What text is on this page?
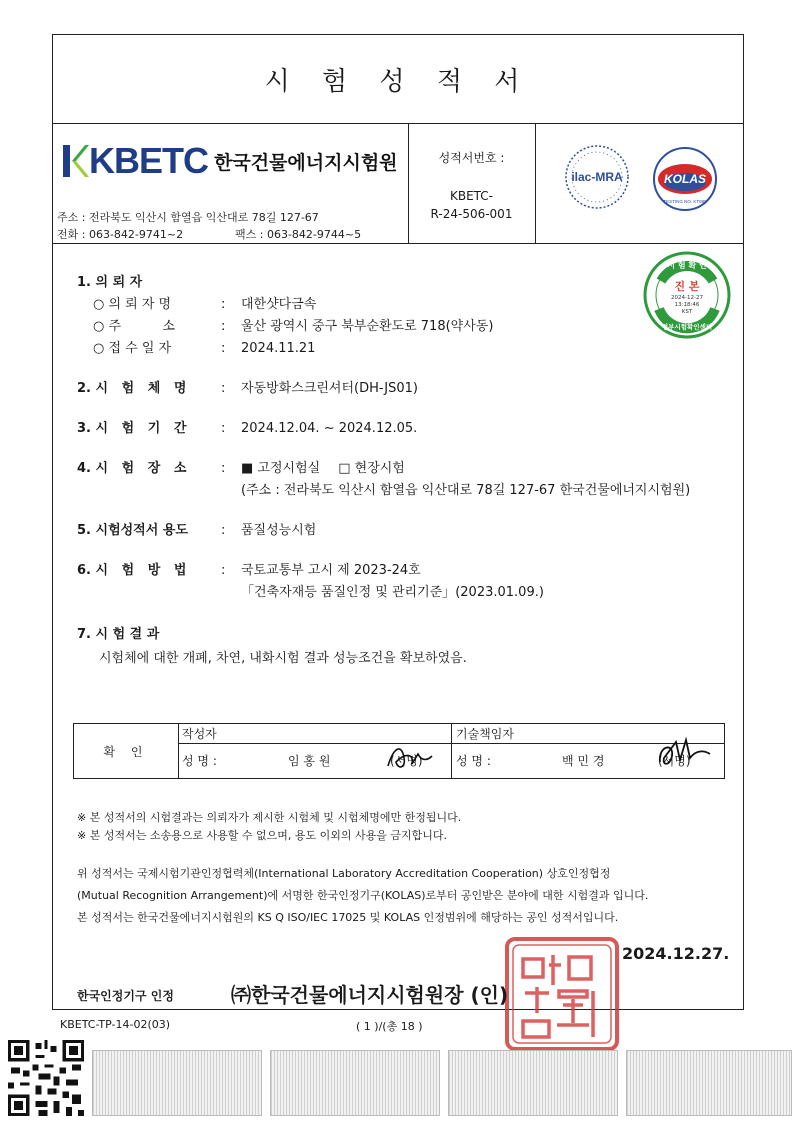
시 험 성 적 서
KBETC 한국건물에너지시험원
주소 : 전라북도 익산시 함열읍 익산대로 78길 127-67
전화 : 063-842-9741~2	팩스 : 063-842-9744~5
성적서번호 :
KBETC-
R-24-506-001
ilac-MRA	KOLAS
TESTING NO. KT989
시 험 확 인
진 본
2024-12-27
13:18:46
KST
정부시험확인센터
1. 의 뢰 자
○ 의 뢰 자 명	: 대한샷다금속
○ 주          소	: 울산 광역시 중구 북부순환도로 718(약사동)
○ 접 수 일 자	: 2024.11.21
2. 시   험   체   명	: 자동방화스크린셔터(DH-JS01)
3. 시   험   기   간	: 2024.12.04. ~ 2024.12.05.
4. 시   험   장   소	: ■ 고정시험실 □ 현장시험
(주소 : 전라북도 익산시 함열읍 익산대로 78길 127-67 한국건물에너지시험원)
5. 시험성적서 용도	: 품질성능시험
6. 시   험   방   법	: 국토교통부 고시 제 2023-24호
「건축자재등 품질인정 및 관리기준」(2023.01.09.)
7. 시 험 결 과
시험체에 대한 개폐, 차연, 내화시험 결과 성능조건을 확보하였음.
확 인
작성자
성 명 :	임 홍 원	(서명)
기술책임자
성 명 :	백 민 경	(서명)
※ 본 성적서의 시험결과는 의뢰자가 제시한 시험체 및 시험체명에만 한정됩니다.
※ 본 성적서는 소송용으로 사용할 수 없으며, 용도 이외의 사용을 금지합니다.
위 성적서는 국제시험기관인정협력체(International Laboratory Accreditation Cooperation) 상호인정협정
(Mutual Recognition Arrangement)에 서명한 한국인정기구(KOLAS)로부터 공인받은 분야에 대한 시험결과 입니다.
본 성적서는 한국건물에너지시험원의 KS Q ISO/IEC 17025 및 KOLAS 인정범위에 해당하는 공인 성적서입니다.
한국인정기구 인정	㈜한국건물에너지시험원장 (인)
2024.12.27.
KBETC-TP-14-02(03)	( 1 )/(총 18 )
